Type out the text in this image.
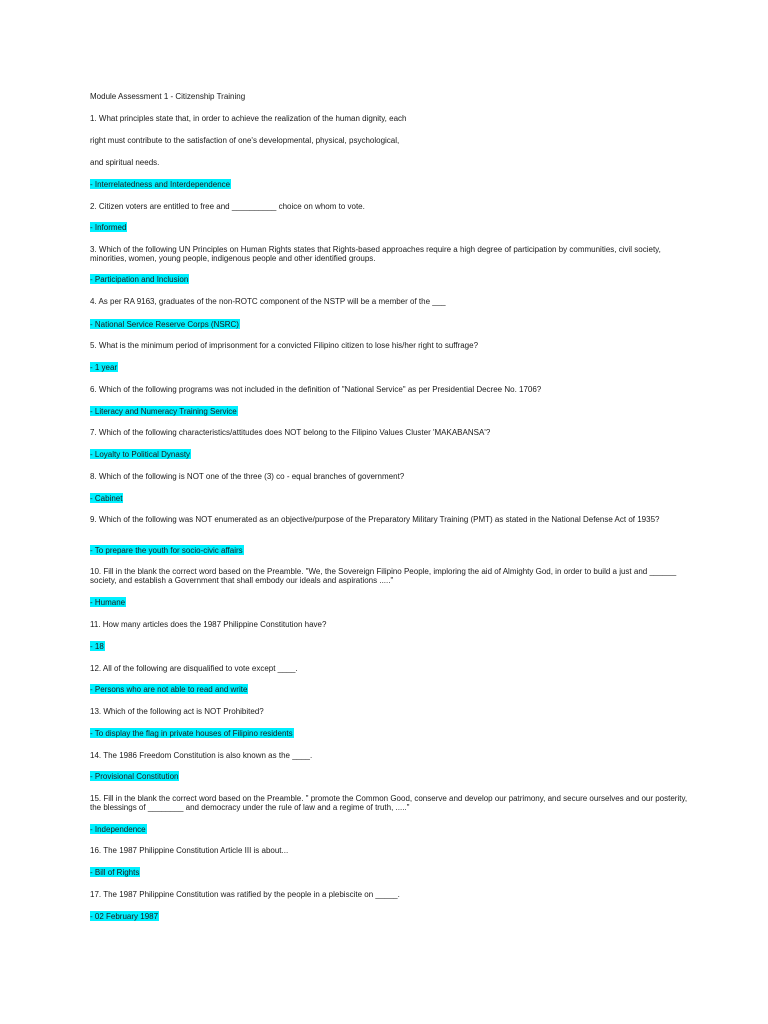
Module Assessment 1 - Citizenship Training
1. What principles state that, in order to achieve the realization of the human dignity, each
right must contribute to the satisfaction of one's developmental, physical, psychological,
and spiritual needs.
- Interrelatedness and Interdependence
2. Citizen voters are entitled to free and __________ choice on whom to vote.
- Informed
3. Which of the following UN Principles on Human Rights states that Rights-based approaches require a high degree of participation by communities, civil society, minorities, women, young people, indigenous people and other identified groups.
- Participation and Inclusion
4. As per RA 9163, graduates of the non-ROTC component of the NSTP will be a member of the ___
- National Service Reserve Corps (NSRC)
5. What is the minimum period of imprisonment for a convicted Filipino citizen to lose his/her right to suffrage?
- 1 year
6. Which of the following programs was not included in the definition of "National Service" as per Presidential Decree No. 1706?
- Literacy and Numeracy Training Service
7. Which of the following characteristics/attitudes does NOT belong to the Filipino Values Cluster 'MAKABANSA'?
- Loyalty to Political Dynasty
8. Which of the following is NOT one of the three (3) co - equal branches of government?
- Cabinet
9. Which of the following was NOT enumerated as an objective/purpose of the Preparatory Military Training (PMT) as stated in the National Defense Act of 1935?
- To prepare the youth for socio-civic affairs
10. Fill in the blank the correct word based on the Preamble. "We, the Sovereign Filipino People, imploring the aid of Almighty God, in order to build a just and ______ society, and establish a Government that shall embody our ideals and aspirations ....."
- Humane
11. How many articles does the 1987 Philippine Constitution have?
- 18
12. All of the following are disqualified to vote except ____.
- Persons who are not able to read and write
13. Which of the following act is NOT Prohibited?
- To display the flag in private houses of Filipino residents
14. The 1986 Freedom Constitution is also known as the ____.
- Provisional Constitution
15. Fill in the blank the correct word based on the Preamble. " promote the Common Good, conserve and develop our patrimony, and secure ourselves and our posterity, the blessings of ________ and democracy under the rule of law and a regime of truth, ....."
- Independence
16. The 1987 Philippine Constitution Article III is about...
- Bill of Rights
17. The 1987 Philippine Constitution was ratified by the people in a plebiscite on _____.
- 02 February 1987
